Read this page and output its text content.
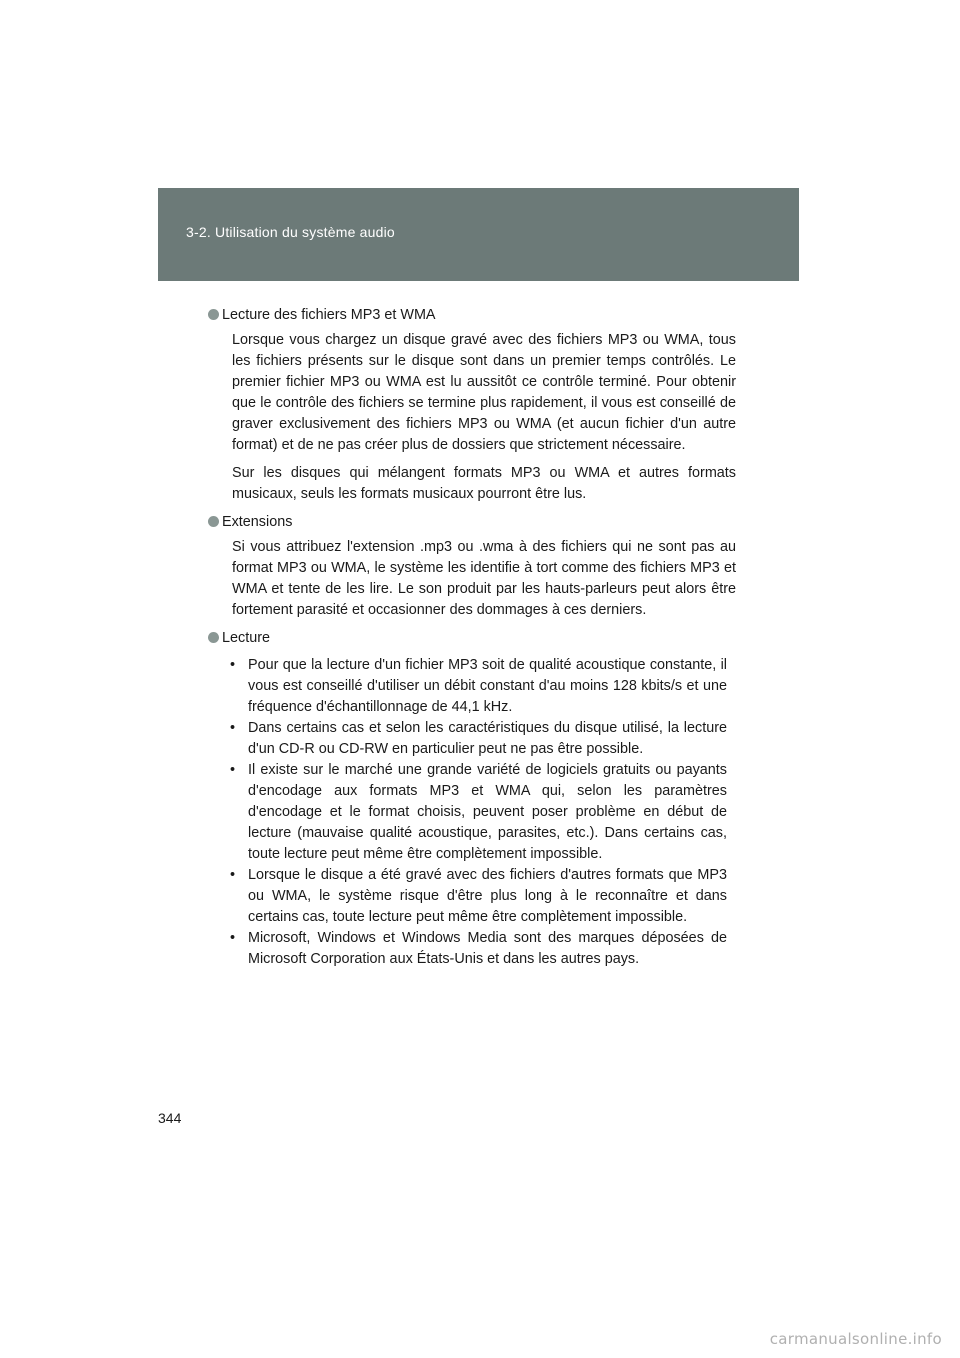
3-2. Utilisation du système audio

Lecture des fichiers MP3 et WMA

Lorsque vous chargez un disque gravé avec des fichiers MP3 ou WMA, tous les fichiers présents sur le disque sont dans un premier temps contrôlés. Le premier fichier MP3 ou WMA est lu aussitôt ce contrôle terminé. Pour obtenir que le contrôle des fichiers se termine plus rapidement, il vous est conseillé de graver exclusivement des fichiers MP3 ou WMA (et aucun fichier d'un autre format) et de ne pas créer plus de dossiers que strictement nécessaire.

Sur les disques qui mélangent formats MP3 ou WMA et autres formats musicaux, seuls les formats musicaux pourront être lus.

Extensions

Si vous attribuez l'extension .mp3 ou .wma à des fichiers qui ne sont pas au format MP3 ou WMA, le système les identifie à tort comme des fichiers MP3 et WMA et tente de les lire. Le son produit par les hauts-parleurs peut alors être fortement parasité et occasionner des dommages à ces derniers.

Lecture

• Pour que la lecture d'un fichier MP3 soit de qualité acoustique constante, il vous est conseillé d'utiliser un débit constant d'au moins 128 kbits/s et une fréquence d'échantillonnage de 44,1 kHz.
• Dans certains cas et selon les caractéristiques du disque utilisé, la lecture d'un CD-R ou CD-RW en particulier peut ne pas être possible.
• Il existe sur le marché une grande variété de logiciels gratuits ou payants d'encodage aux formats MP3 et WMA qui, selon les paramètres d'encodage et le format choisis, peuvent poser problème en début de lecture (mauvaise qualité acoustique, parasites, etc.). Dans certains cas, toute lecture peut même être complètement impossible.
• Lorsque le disque a été gravé avec des fichiers d'autres formats que MP3 ou WMA, le système risque d'être plus long à le reconnaître et dans certains cas, toute lecture peut même être complètement impossible.
• Microsoft, Windows et Windows Media sont des marques déposées de Microsoft Corporation aux États-Unis et dans les autres pays.
344
carmanualsonline.info
